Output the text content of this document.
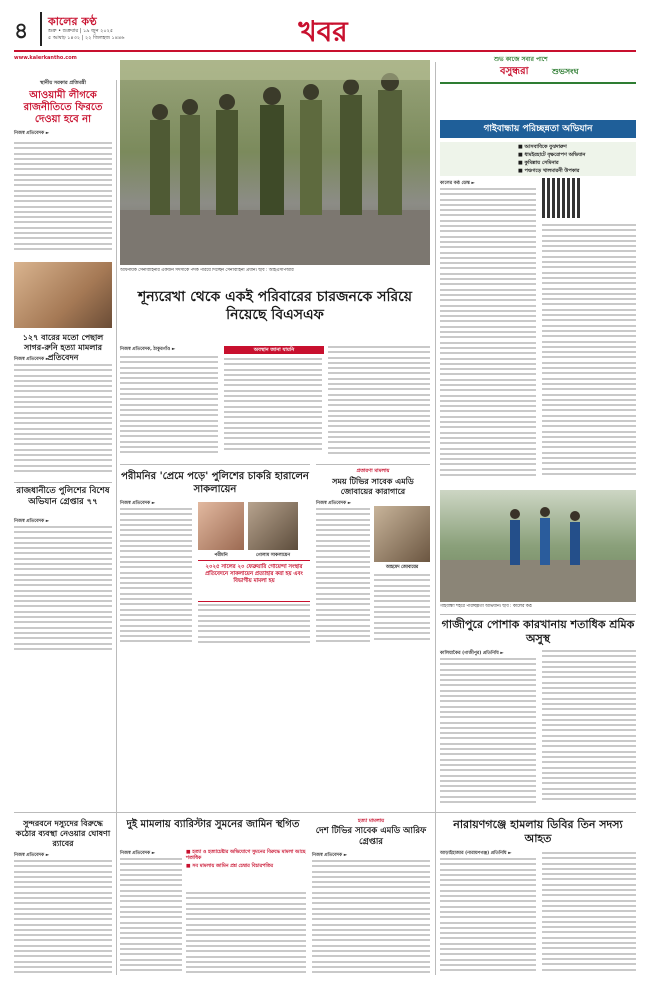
৪ কালের কণ্ঠ
শুক্র • শুক্রবার | ১৯ জুন ২০২৫
৫ আষাঢ় ১৪৩২ | ২২ জিলহজ ১৪৪৬
www.kalerkantho.com
খবর
শুভ কাজে সবার পাশে
স্থানীয় সরকার প্রতিমন্ত্রী
আওয়ামী লীগকে রাজনীতিতে ফিরতে দেওয়া হবে না
নিজস্ব প্রতিবেদক ►
অধিনায়ক সেনাবাহিনীর একজন সদস্যকে পদক পরিয়ে দিচ্ছেন সেনাবাহিনী প্রধান। ছবি : আইএসপিআর
বসুন্ধরা	শুভসংঘ
গাইবান্ধায় পরিচ্ছন্নতা অভিযান
■ আসবাবিকে বুঝদারুণ
■ ধামইরহাটে বৃক্ষরোপণ অভিযান
■ কুমিল্লায় সেমিনার
■ পঞ্চগড়ে খালমারনী উপকার
কালের কণ্ঠ ডেস্ক ►
গাইবান্ধা শহরে পরিচ্ছন্নতা অভিযান। ছবি : কালের কণ্ঠ
শূন্যরেখা থেকে একই পরিবারের চারজনকে সরিয়ে নিয়েছে বিএসএফ
১২৭ বারের মতো পেছাল সাগর-রুনি হত্যা মামলার প্রতিবেদন
নিজস্ব প্রতিবেদক ►
নিজস্ব প্রতিবেদক, ঠাকুরগাঁও ►	অবস্থান জানা যায়নি
রাজধানীতে পুলিশের বিশেষ অভিযান গ্রেপ্তার ৭৭
নিজস্ব প্রতিবেদক ►
পরীমনির 'প্রেমে পড়ে' পুলিশের চাকরি হারালেন সাকলায়েন
নিজস্ব প্রতিবেদক ►
পরীমনি	গোলাম সাকলায়েন
২০২৫ সালের ২০ ফেব্রুয়ারি গোয়েন্দা সংস্থার প্রতিবেদনে সাকলায়েন প্রত্যাহার করা হয় এবং বিভাগীয় মামলা হয়
প্রতারণা মামলায়
সময় টিভির সাবেক এমডি জোবায়ের কারাগারে
নিজস্ব প্রতিবেদক ►
আহমেদ জোবায়ের
গাজীপুরে পোশাক কারখানায় শতাধিক শ্রমিক অসুস্থ
কালিয়াকৈর (গাজীপুর) প্রতিনিধি ►
সুন্দরবনে দস্যুদের বিরুদ্ধে কঠোর ব্যবস্থা নেওয়ার ঘোষণা র‍্যাবের
নিজস্ব প্রতিবেদক ►
দুই মামলায় ব্যারিস্টার সুমনের জামিন স্থগিত
নিজস্ব প্রতিবেদক ►	■ হত্যা ও হত্যাচেষ্টার অভিযোগে সুমনের বিরুদ্ধে মামলা আছে শতাধিক
■ সব মামলায় জামিন প্রশ্ন চেম্বার বিচারপতির
হত্যা মামলায়
দেশ টিভির সাবেক এমডি আরিফ গ্রেপ্তার
নিজস্ব প্রতিবেদক ►
নারায়ণগঞ্জে হামলায় ডিবির তিন সদস্য আহত
আড়াইহাজার (নারায়ণগঞ্জ) প্রতিনিধি ►
